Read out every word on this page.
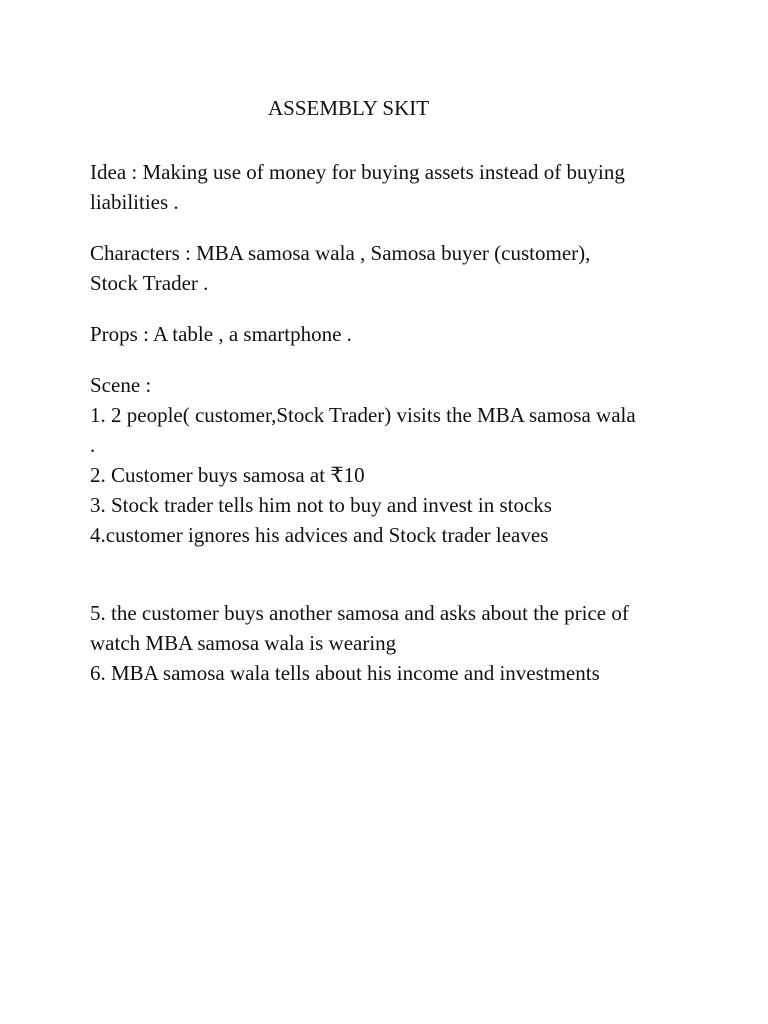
ASSEMBLY SKIT

Idea : Making use of money for buying assets instead of buying
liabilities .

Characters : MBA samosa wala , Samosa buyer (customer),
Stock Trader .

Props : A table , a smartphone .

Scene :
1. 2 people( customer,Stock Trader) visits the MBA samosa wala
.
2. Customer buys samosa at ₹10
3. Stock trader tells him not to buy and invest in stocks
4.customer ignores his advices and Stock trader leaves

5. the customer buys another samosa and asks about the price of
watch MBA samosa wala is wearing
6. MBA samosa wala tells about his income and investments
